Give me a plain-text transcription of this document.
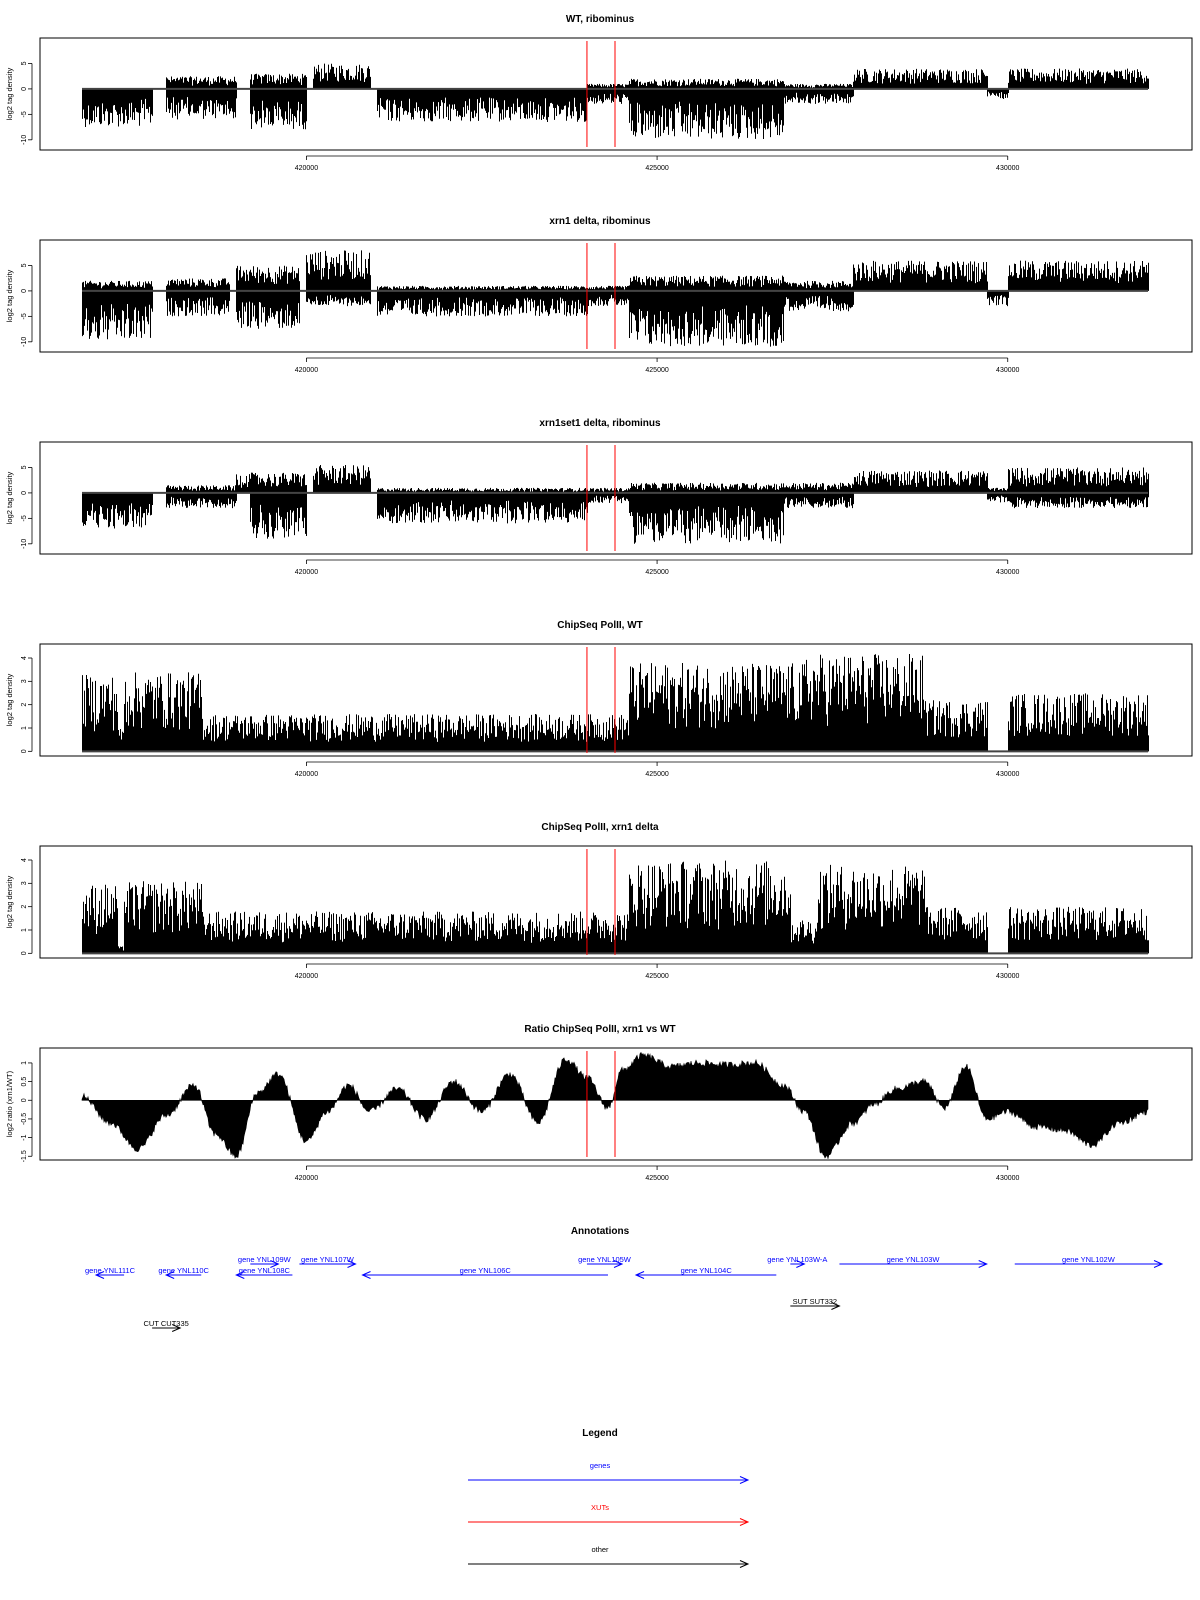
WT, ribominus
5
0
-5
-10
log2 tag density
420000	425000	430000
xrn1 delta, ribominus
5
0
-5
-10
log2 tag density
420000	425000	430000
xrn1set1 delta, ribominus
5
0
-5
-10
log2 tag density
420000	425000	430000
ChipSeq PolII, WT
0
1
2
3
4
log2 tag density
420000	425000	430000
ChipSeq PolII, xrn1 delta
0
1
2
3
4
log2 tag density
420000	425000	430000
Ratio ChipSeq PolII, xrn1 vs WT
1
0.5
0
-0.5
-1
-1.5
log2 ratio (xrn1/WT)
420000	425000	430000
Annotations
gene YNL111C	gene YNL110C
gene YNL109W
gene YNL108C
gene YNL107W
gene YNL106C
gene YNL105W
gene YNL104C
gene YNL103W-A	gene YNL103W	gene YNL102W
SUT SUT332
CUT CUT335
Legend
genes
XUTs
other
